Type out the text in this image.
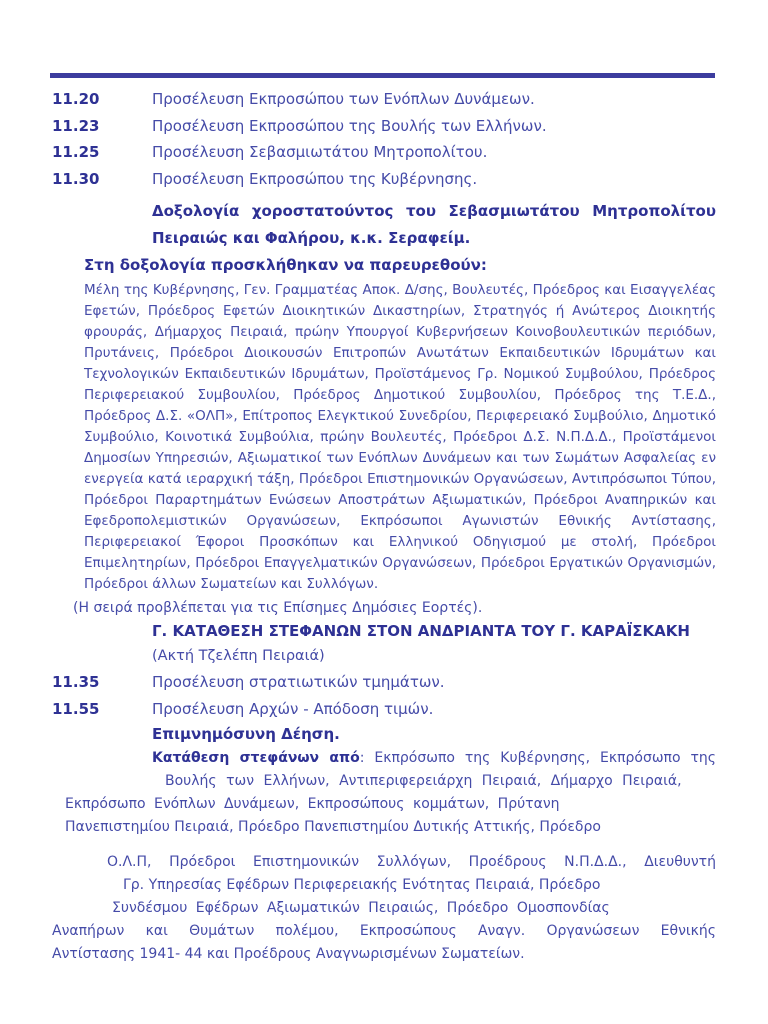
11.20	Προσέλευση Εκπροσώπου των Ενόπλων Δυνάμεων.
11.23	Προσέλευση Εκπροσώπου της Βουλής των Ελλήνων.
11.25	Προσέλευση Σεβασμιωτάτου Μητροπολίτου.
11.30	Προσέλευση Εκπροσώπου της Κυβέρνησης.
Δοξολογία χοροστατούντος του Σεβασμιωτάτου Μητροπολίτου Πειραιώς και Φαλήρου, κ.κ. Σεραφείμ.
Στη δοξολογία προσκλήθηκαν να παρευρεθούν:
Μέλη της Κυβέρνησης, Γεν. Γραμματέας Αποκ. Δ/σης, Βουλευτές, Πρόεδρος και Εισαγγελέας Εφετών, Πρόεδρος Εφετών Διοικητικών Δικαστηρίων, Στρατηγός ή Ανώτερος Διοικητής φρουράς, Δήμαρχος Πειραιά, πρώην Υπουργοί Κυβερνήσεων Κοινοβουλευτικών περιόδων, Πρυτάνεις, Πρόεδροι Διοικουσών Επιτροπών Ανωτάτων Εκπαιδευτικών Ιδρυμάτων και Τεχνολογικών Εκπαιδευτικών Ιδρυμάτων, Προϊστάμενος Γρ. Νομικού Συμβούλου, Πρόεδρος Περιφερειακού Συμβουλίου, Πρόεδρος Δημοτικού Συμβουλίου, Πρόεδρος της Τ.Ε.Δ., Πρόεδρος Δ.Σ. «ΟΛΠ», Επίτροπος Ελεγκτικού Συνεδρίου, Περιφερειακό Συμβούλιο, Δημοτικό Συμβούλιο, Κοινοτικά Συμβούλια, πρώην Βουλευτές, Πρόεδροι Δ.Σ. Ν.Π.Δ.Δ., Προϊστάμενοι Δημοσίων Υπηρεσιών, Αξιωματικοί των Ενόπλων Δυνάμεων και των Σωμάτων Ασφαλείας εν ενεργεία κατά ιεραρχική τάξη, Πρόεδροι Επιστημονικών Οργανώσεων, Αντιπρόσωποι Τύπου, Πρόεδροι Παραρτημάτων Ενώσεων Αποστράτων Αξιωματικών, Πρόεδροι Αναπηρικών και Εφεδροπολεμιστικών Οργανώσεων, Εκπρόσωποι Αγωνιστών Εθνικής Αντίστασης, Περιφερειακοί Έφοροι Προσκόπων και Ελληνικού Οδηγισμού με στολή, Πρόεδροι Επιμελητηρίων, Πρόεδροι Επαγγελματικών Οργανώσεων, Πρόεδροι Εργατικών Οργανισμών, Πρόεδροι άλλων Σωματείων και Συλλόγων.
(Η σειρά προβλέπεται για τις Επίσημες Δημόσιες Εορτές).
Γ. ΚΑΤΑΘΕΣΗ ΣΤΕΦΑΝΩΝ ΣΤΟΝ ΑΝΔΡΙΑΝΤΑ ΤΟΥ Γ. ΚΑΡΑΪΣΚΑΚΗ
(Ακτή Τζελέπη Πειραιά)
11.35	Προσέλευση στρατιωτικών τμημάτων.
11.55	Προσέλευση Αρχών - Απόδοση τιμών.
Επιμνημόσυνη Δέηση.
Κατάθεση στεφάνων από: Εκπρόσωπο της Κυβέρνησης, Εκπρόσωπο της
Βουλής των Ελλήνων, Αντιπεριφερειάρχη Πειραιά, Δήμαρχο Πειραιά,
Εκπρόσωπο Ενόπλων Δυνάμεων, Εκπροσώπους κομμάτων, Πρύτανη
Πανεπιστημίου Πειραιά, Πρόεδρο Πανεπιστημίου Δυτικής Αττικής, Πρόεδρο
Ο.Λ.Π, Πρόεδροι Επιστημονικών Συλλόγων, Προέδρους Ν.Π.Δ.Δ., Διευθυντή
Γρ. Υπηρεσίας Εφέδρων Περιφερειακής Ενότητας Πειραιά, Πρόεδρο
Συνδέσμου Εφέδρων Αξιωματικών Πειραιώς, Πρόεδρο Ομοσπονδίας
Αναπήρων και Θυμάτων πολέμου, Εκπροσώπους Αναγν. Οργανώσεων Εθνικής
Αντίστασης 1941- 44 και Προέδρους Αναγνωρισμένων Σωματείων.
